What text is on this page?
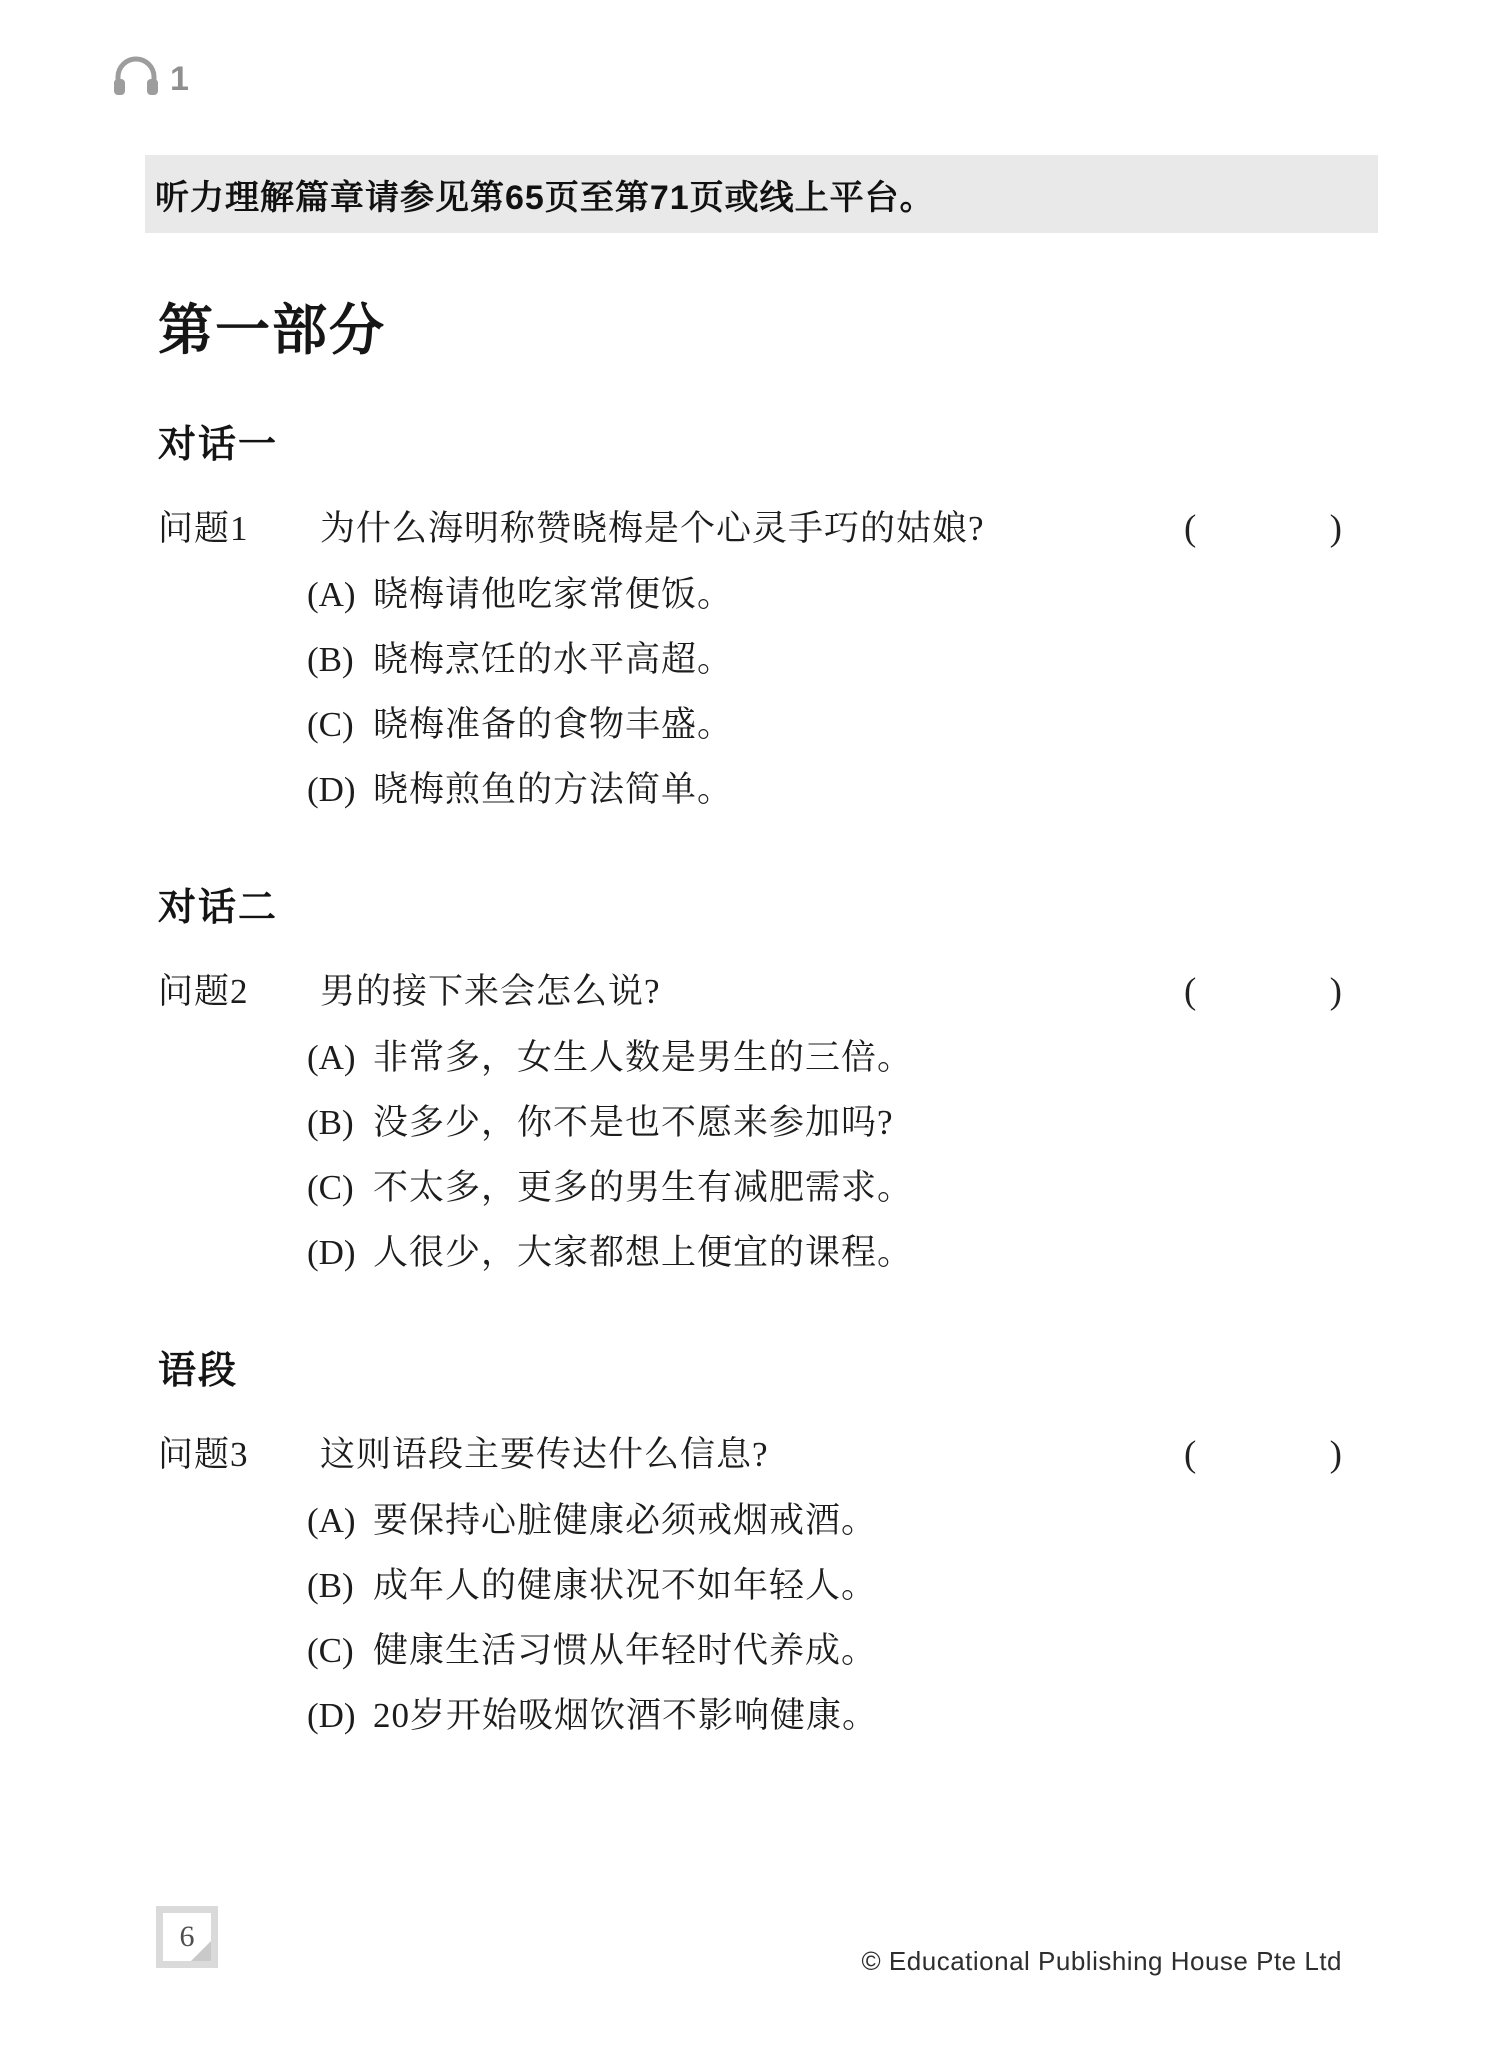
1
听力理解篇章请参见第65页至第71页或线上平台。
第一部分
对话一
问题1	为什么海明称赞晓梅是个心灵手巧的姑娘?	(	)
(A) 晓梅请他吃家常便饭。
(B) 晓梅烹饪的水平高超。
(C) 晓梅准备的食物丰盛。
(D) 晓梅煎鱼的方法简单。
对话二
问题2	男的接下来会怎么说?	(	)
(A) 非常多，女生人数是男生的三倍。
(B) 没多少，你不是也不愿来参加吗?
(C) 不太多，更多的男生有减肥需求。
(D) 人很少，大家都想上便宜的课程。
语段
问题3	这则语段主要传达什么信息?	(	)
(A) 要保持心脏健康必须戒烟戒酒。
(B) 成年人的健康状况不如年轻人。
(C) 健康生活习惯从年轻时代养成。
(D) 20岁开始吸烟饮酒不影响健康。
6
© Educational Publishing House Pte Ltd
